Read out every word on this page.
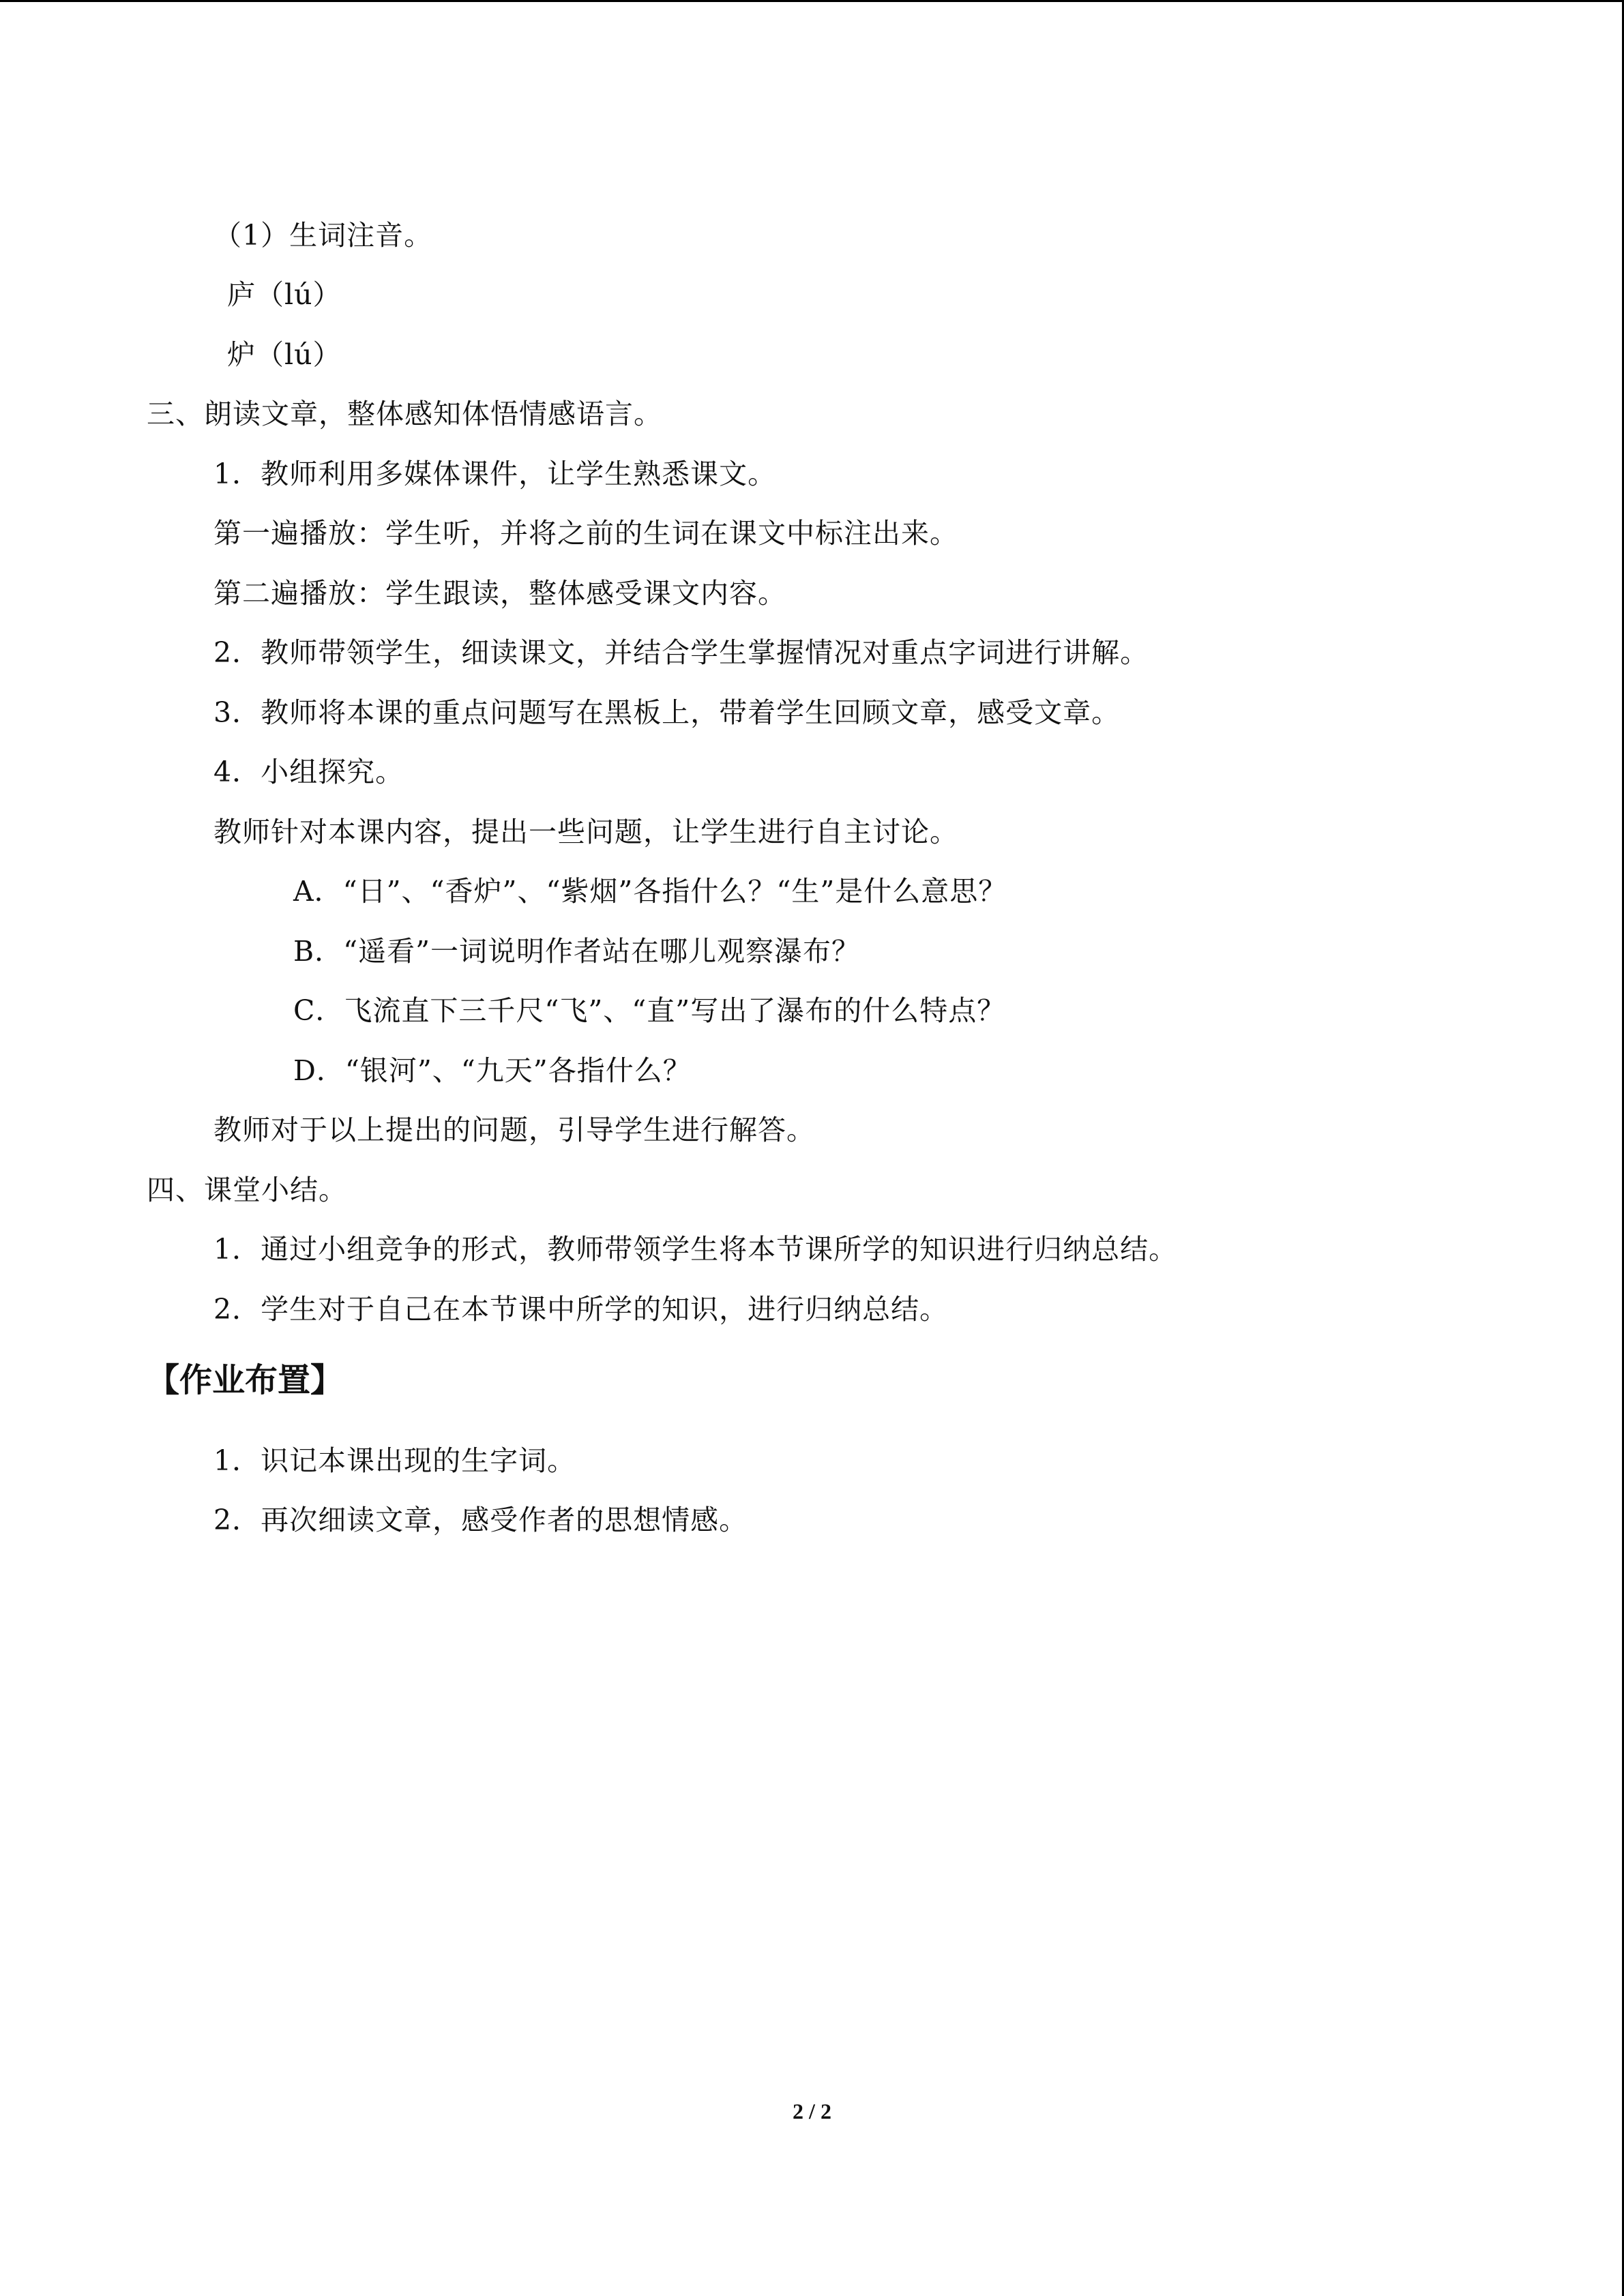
（1）生词注音。
庐（lú）
炉（lú）
三、朗读文章，整体感知体悟情感语言。
1．教师利用多媒体课件，让学生熟悉课文。
第一遍播放：学生听，并将之前的生词在课文中标注出来。
第二遍播放：学生跟读，整体感受课文内容。
2．教师带领学生，细读课文，并结合学生掌握情况对重点字词进行讲解。
3．教师将本课的重点问题写在黑板上，带着学生回顾文章，感受文章。
4．小组探究。
教师针对本课内容，提出一些问题，让学生进行自主讨论。
A．“日”、“香炉”、“紫烟”各指什么？“生”是什么意思？
B．“遥看”一词说明作者站在哪儿观察瀑布？
C．飞流直下三千尺“飞”、“直”写出了瀑布的什么特点？
D．“银河”、“九天”各指什么？
教师对于以上提出的问题，引导学生进行解答。
四、课堂小结。
1．通过小组竞争的形式，教师带领学生将本节课所学的知识进行归纳总结。
2．学生对于自己在本节课中所学的知识，进行归纳总结。
【作业布置】
1．识记本课出现的生字词。
2．再次细读文章，感受作者的思想情感。
2 / 2
